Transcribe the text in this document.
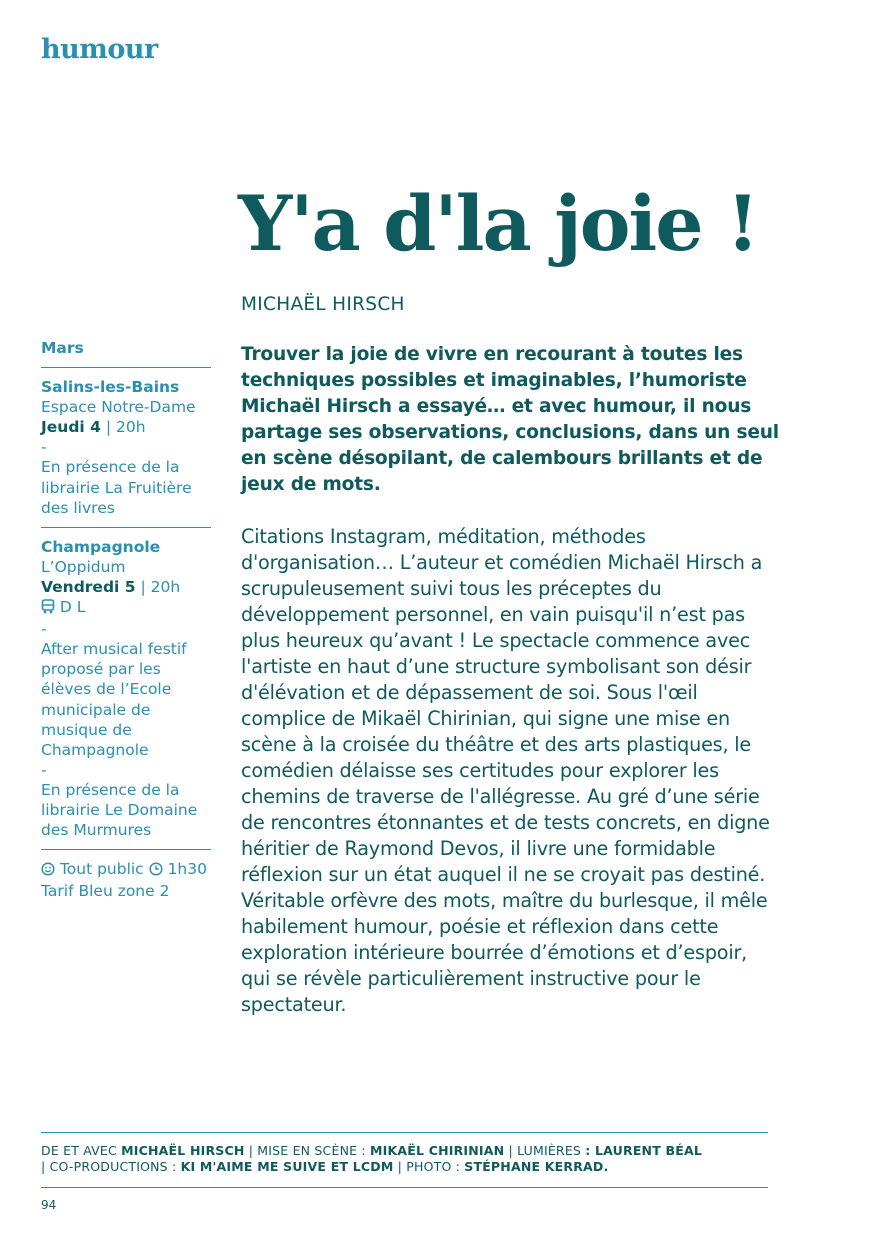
humour
Y'a d'la joie !
MICHAËL HIRSCH

Trouver la joie de vivre en recourant à toutes les techniques possibles et imaginables, l’humoriste Michaël Hirsch a essayé… et avec humour, il nous partage ses observations, conclusions, dans un seul en scène désopilant, de calembours brillants et de jeux de mots.

Citations Instagram, méditation, méthodes d'organisation… L’auteur et comédien Michaël Hirsch a scrupuleusement suivi tous les préceptes du développement personnel, en vain puisqu'il n’est pas plus heureux qu’avant ! Le spectacle commence avec l'artiste en haut d’une structure symbolisant son désir d'élévation et de dépassement de soi. Sous l'œil complice de Mikaël Chirinian, qui signe une mise en scène à la croisée du théâtre et des arts plastiques, le comédien délaisse ses certitudes pour explorer les chemins de traverse de l'allégresse. Au gré d’une série de rencontres étonnantes et de tests concrets, en digne héritier de Raymond Devos, il livre une formidable réflexion sur un état auquel il ne se croyait pas destiné. Véritable orfèvre des mots, maître du burlesque, il mêle habilement humour, poésie et réflexion dans cette exploration intérieure bourrée d’émotions et d’espoir, qui se révèle particulièrement instructive pour le spectateur.

Mars
Salins-les-Bains
Espace Notre-Dame
Jeudi 4 | 20h
-
En présence de la librairie La Fruitière des livres
Champagnole
L’Oppidum
Vendredi 5 | 20h
D L
-
After musical festif proposé par les élèves de l’Ecole municipale de musique de Champagnole
-
En présence de la librairie Le Domaine des Murmures
Tout public  1h30
Tarif Bleu zone 2
DE ET AVEC MICHAËL HIRSCH | MISE EN SCÈNE : MIKAËL CHIRINIAN | LUMIÈRES : LAURENT BÉAL
| CO-PRODUCTIONS : KI M'AIME ME SUIVE ET LCDM | PHOTO : STÉPHANE KERRAD.
94
